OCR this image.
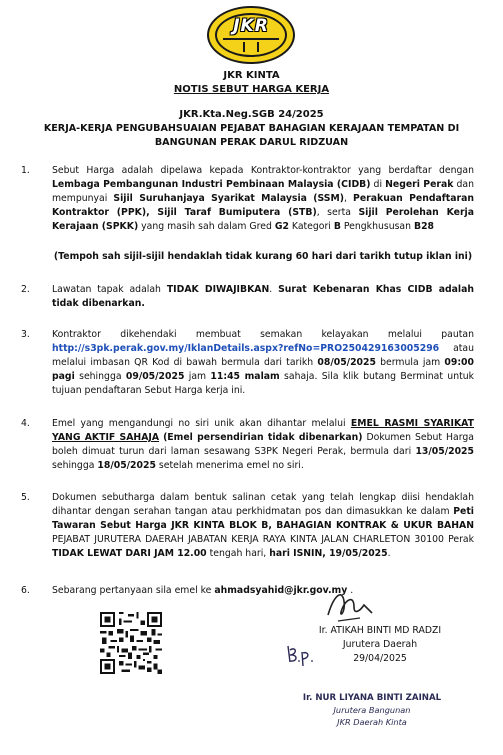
JKR
JKR KINTA
NOTIS SEBUT HARGA KERJA
JKR.Kta.Neg.SGB 24/2025
KERJA-KERJA PENGUBAHSUAIAN PEJABAT BAHAGIAN KERAJAAN TEMPATAN DI
BANGUNAN PERAK DARUL RIDZUAN
1. Sebut Harga adalah dipelawa kepada Kontraktor-kontraktor yang berdaftar dengan Lembaga Pembangunan Industri Pembinaan Malaysia (CIDB) di Negeri Perak dan mempunyai Sijil Suruhanjaya Syarikat Malaysia (SSM), Perakuan Pendaftaran Kontraktor (PPK), Sijil Taraf Bumiputera (STB), serta Sijil Perolehan Kerja Kerajaan (SPKK) yang masih sah dalam Gred G2 Kategori B Pengkhususan B28
(Tempoh sah sijil-sijil hendaklah tidak kurang 60 hari dari tarikh tutup iklan ini)
2. Lawatan tapak adalah TIDAK DIWAJIBKAN. Surat Kebenaran Khas CIDB adalah tidak dibenarkan.
3. Kontraktor dikehendaki membuat semakan kelayakan melalui pautan http://s3pk.perak.gov.my/IklanDetails.aspx?refNo=PRO250429163005296 atau melalui imbasan QR Kod di bawah bermula dari tarikh 08/05/2025 bermula jam 09:00 pagi sehingga 09/05/2025 jam 11:45 malam sahaja. Sila klik butang Berminat untuk tujuan pendaftaran Sebut Harga kerja ini.
4. Emel yang mengandungi no siri unik akan dihantar melalui EMEL RASMI SYARIKAT YANG AKTIF SAHAJA (Emel persendirian tidak dibenarkan) Dokumen Sebut Harga boleh dimuat turun dari laman sesawang S3PK Negeri Perak, bermula dari 13/05/2025 sehingga 18/05/2025 setelah menerima emel no siri.
5. Dokumen sebutharga dalam bentuk salinan cetak yang telah lengkap diisi hendaklah dihantar dengan serahan tangan atau perkhidmatan pos dan dimasukkan ke dalam Peti Tawaran Sebut Harga JKR KINTA BLOK B, BAHAGIAN KONTRAK & UKUR BAHAN PEJABAT JURUTERA DAERAH JABATAN KERJA RAYA KINTA JALAN CHARLETON 30100 Perak TIDAK LEWAT DARI JAM 12.00 tengah hari, hari ISNIN, 19/05/2025.
6. Sebarang pertanyaan sila emel ke ahmadsyahid@jkr.gov.my .
Ir. ATIKAH BINTI MD RADZI
Jurutera Daerah
29/04/2025
Ir. NUR LIYANA BINTI ZAINAL
Jurutera Bangunan
JKR Daerah Kinta
